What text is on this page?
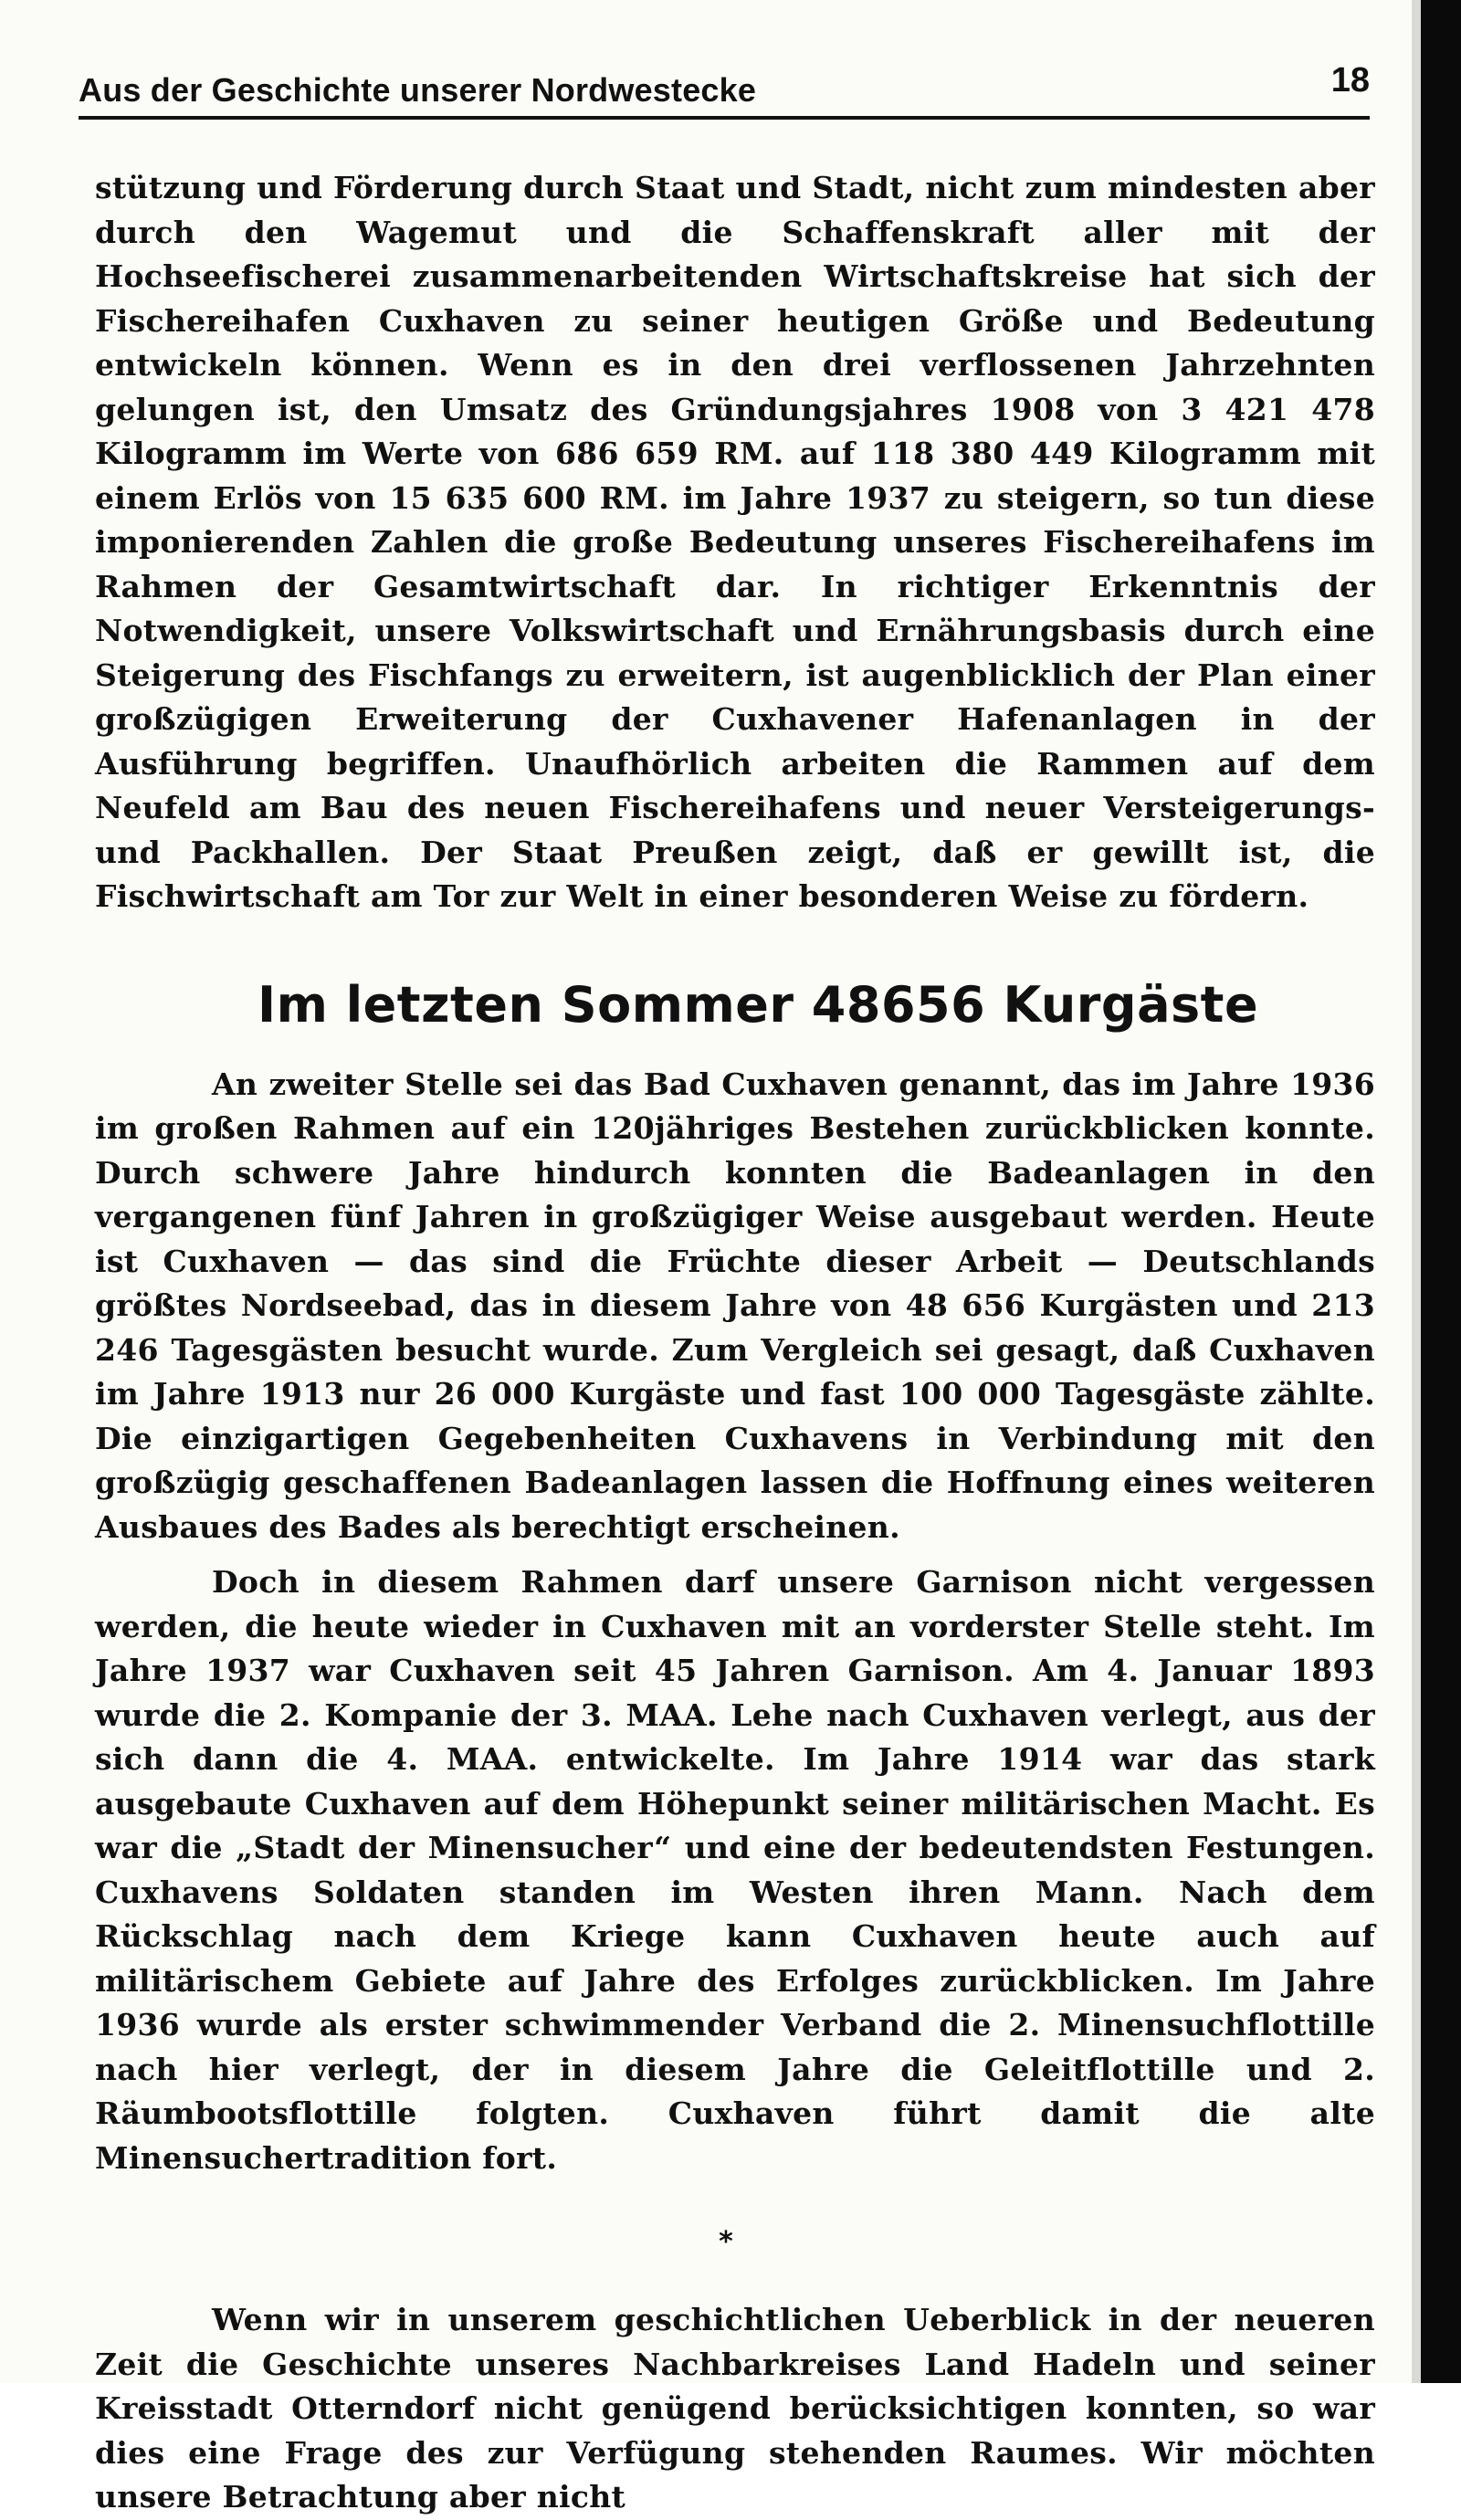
Aus der Geschichte unserer Nordwestecke	18

stützung und Förderung durch Staat und Stadt, nicht zum mindesten aber durch den Wagemut und die Schaffenskraft aller mit der Hochseefischerei zusammenarbeitenden Wirtschaftskreise hat sich der Fischereihafen Cuxhaven zu seiner heutigen Größe und Bedeutung entwickeln können. Wenn es in den drei verflossenen Jahrzehnten gelungen ist, den Umsatz des Gründungsjahres 1908 von 3 421 478 Kilogramm im Werte von 686 659 RM. auf 118 380 449 Kilogramm mit einem Erlös von 15 635 600 RM. im Jahre 1937 zu steigern, so tun diese imponierenden Zahlen die große Bedeutung unseres Fischereihafens im Rahmen der Gesamtwirtschaft dar. In richtiger Erkenntnis der Notwendigkeit, unsere Volkswirtschaft und Ernährungsbasis durch eine Steigerung des Fischfangs zu erweitern, ist augenblicklich der Plan einer großzügigen Erweiterung der Cuxhavener Hafenanlagen in der Ausführung begriffen. Unaufhörlich arbeiten die Rammen auf dem Neufeld am Bau des neuen Fischereihafens und neuer Versteigerungs- und Packhallen. Der Staat Preußen zeigt, daß er gewillt ist, die Fischwirtschaft am Tor zur Welt in einer besonderen Weise zu fördern.

Im letzten Sommer 48656 Kurgäste

An zweiter Stelle sei das Bad Cuxhaven genannt, das im Jahre 1936 im großen Rahmen auf ein 120jähriges Bestehen zurückblicken konnte. Durch schwere Jahre hindurch konnten die Badeanlagen in den vergangenen fünf Jahren in großzügiger Weise ausgebaut werden. Heute ist Cuxhaven — das sind die Früchte dieser Arbeit — Deutschlands größtes Nordseebad, das in diesem Jahre von 48 656 Kurgästen und 213 246 Tagesgästen besucht wurde. Zum Vergleich sei gesagt, daß Cuxhaven im Jahre 1913 nur 26 000 Kurgäste und fast 100 000 Tagesgäste zählte. Die einzigartigen Gegebenheiten Cuxhavens in Verbindung mit den großzügig geschaffenen Badeanlagen lassen die Hoffnung eines weiteren Ausbaues des Bades als berechtigt erscheinen.

Doch in diesem Rahmen darf unsere Garnison nicht vergessen werden, die heute wieder in Cuxhaven mit an vorderster Stelle steht. Im Jahre 1937 war Cuxhaven seit 45 Jahren Garnison. Am 4. Januar 1893 wurde die 2. Kompanie der 3. MAA. Lehe nach Cuxhaven verlegt, aus der sich dann die 4. MAA. entwickelte. Im Jahre 1914 war das stark ausgebaute Cuxhaven auf dem Höhepunkt seiner militärischen Macht. Es war die „Stadt der Minensucher“ und eine der bedeutendsten Festungen. Cuxhavens Soldaten standen im Westen ihren Mann. Nach dem Rückschlag nach dem Kriege kann Cuxhaven heute auch auf militärischem Gebiete auf Jahre des Erfolges zurückblicken. Im Jahre 1936 wurde als erster schwimmender Verband die 2. Minensuchflottille nach hier verlegt, der in diesem Jahre die Geleitflottille und 2. Räumbootsflottille folgten. Cuxhaven führt damit die alte Minensuchertradition fort.

*

Wenn wir in unserem geschichtlichen Ueberblick in der neueren Zeit die Geschichte unseres Nachbarkreises Land Hadeln und seiner Kreisstadt Otterndorf nicht genügend berücksichtigen konnten, so war dies eine Frage des zur Verfügung stehenden Raumes. Wir möchten unsere Betrachtung aber nicht
